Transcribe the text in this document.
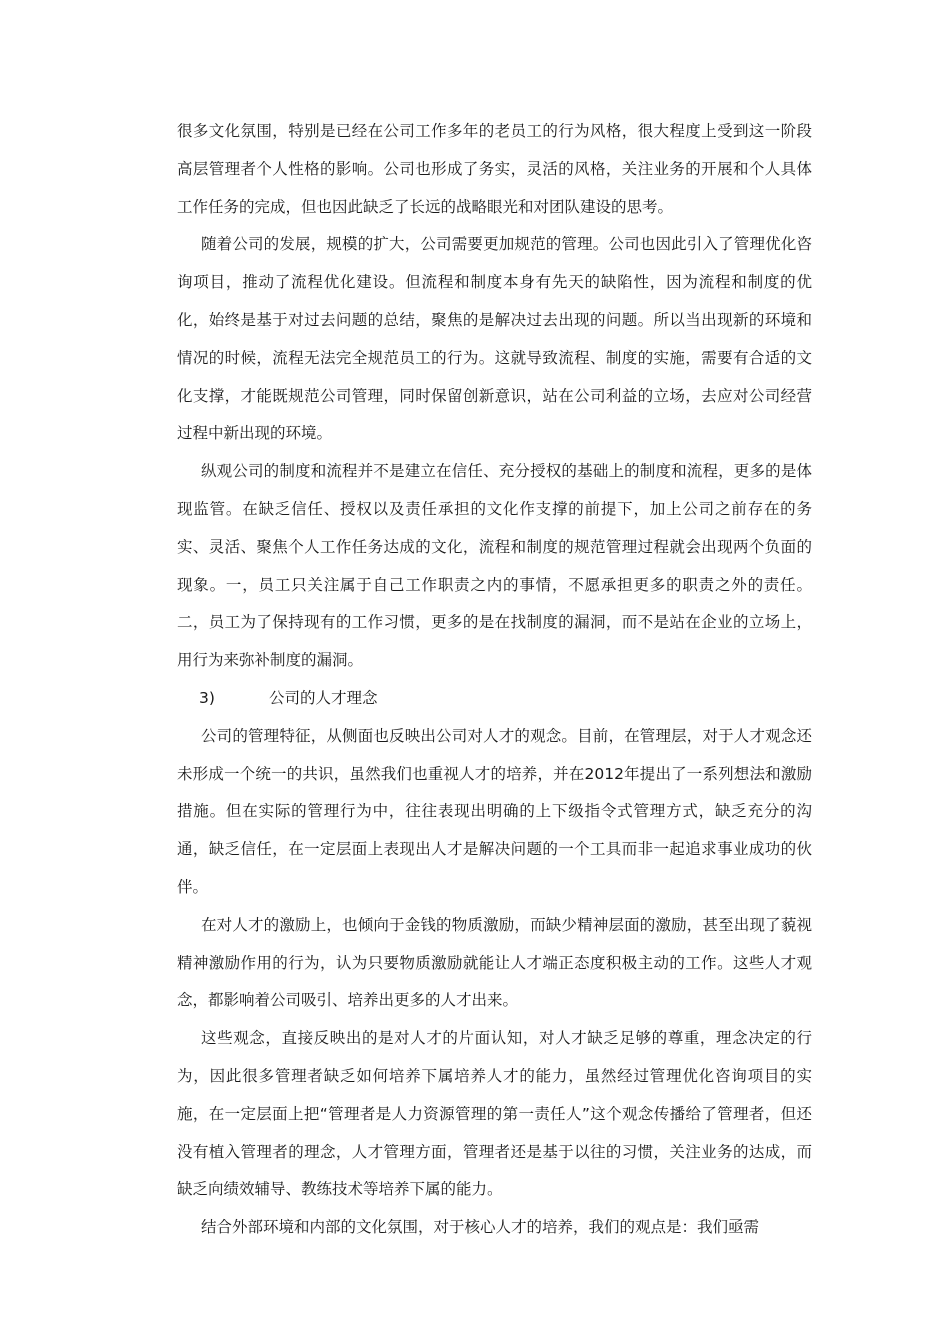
很多文化氛围，特别是已经在公司工作多年的老员工的行为风格，很大程度上受到这一阶段高层管理者个人性格的影响。公司也形成了务实，灵活的风格，关注业务的开展和个人具体工作任务的完成，但也因此缺乏了长远的战略眼光和对团队建设的思考。

随着公司的发展，规模的扩大，公司需要更加规范的管理。公司也因此引入了管理优化咨询项目，推动了流程优化建设。但流程和制度本身有先天的缺陷性，因为流程和制度的优化，始终是基于对过去问题的总结，聚焦的是解决过去出现的问题。所以当出现新的环境和情况的时候，流程无法完全规范员工的行为。这就导致流程、制度的实施，需要有合适的文化支撑，才能既规范公司管理，同时保留创新意识，站在公司利益的立场，去应对公司经营过程中新出现的环境。

纵观公司的制度和流程并不是建立在信任、充分授权的基础上的制度和流程，更多的是体现监管。在缺乏信任、授权以及责任承担的文化作支撑的前提下，加上公司之前存在的务实、灵活、聚焦个人工作任务达成的文化，流程和制度的规范管理过程就会出现两个负面的现象。一，员工只关注属于自己工作职责之内的事情，不愿承担更多的职责之外的责任。二，员工为了保持现有的工作习惯，更多的是在找制度的漏洞，而不是站在企业的立场上，用行为来弥补制度的漏洞。

3)	公司的人才理念

公司的管理特征，从侧面也反映出公司对人才的观念。目前，在管理层，对于人才观念还未形成一个统一的共识，虽然我们也重视人才的培养，并在2012年提出了一系列想法和激励措施。但在实际的管理行为中，往往表现出明确的上下级指令式管理方式，缺乏充分的沟通，缺乏信任，在一定层面上表现出人才是解决问题的一个工具而非一起追求事业成功的伙伴。

在对人才的激励上，也倾向于金钱的物质激励，而缺少精神层面的激励，甚至出现了藐视精神激励作用的行为，认为只要物质激励就能让人才端正态度积极主动的工作。这些人才观念，都影响着公司吸引、培养出更多的人才出来。

这些观念，直接反映出的是对人才的片面认知，对人才缺乏足够的尊重，理念决定的行为，因此很多管理者缺乏如何培养下属培养人才的能力，虽然经过管理优化咨询项目的实施，在一定层面上把“管理者是人力资源管理的第一责任人”这个观念传播给了管理者，但还没有植入管理者的理念，人才管理方面，管理者还是基于以往的习惯，关注业务的达成，而缺乏向绩效辅导、教练技术等培养下属的能力。

结合外部环境和内部的文化氛围，对于核心人才的培养，我们的观点是：我们亟需
